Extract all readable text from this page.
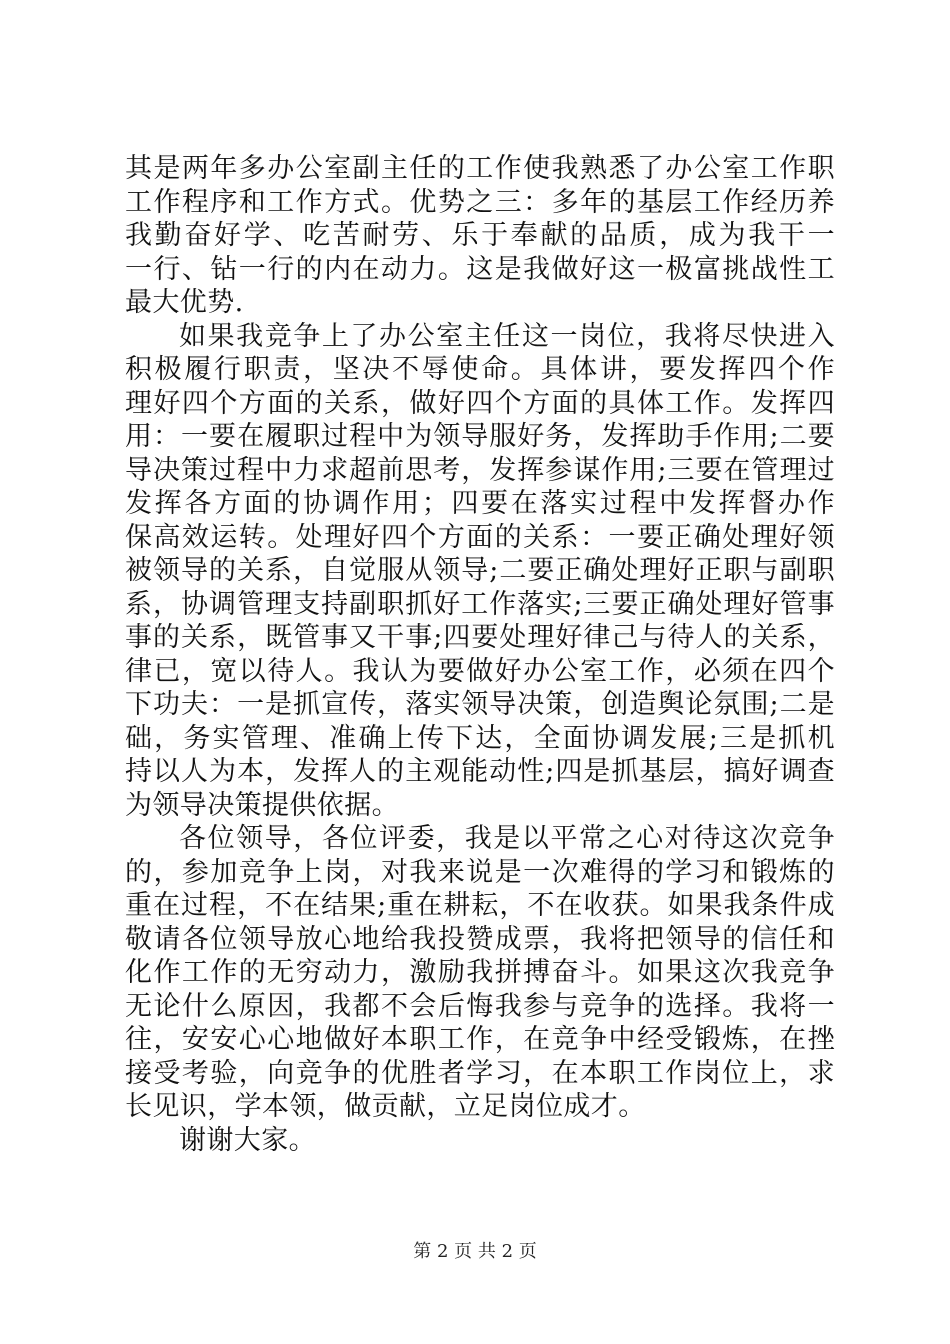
其是两年多办公室副主任的工作使我熟悉了办公室工作职
工作程序和工作方式。优势之三：多年的基层工作经历养
我勤奋好学、吃苦耐劳、乐于奉献的品质，成为我干一
一行、钻一行的内在动力。这是我做好这一极富挑战性工
最大优势.
如果我竞争上了办公室主任这一岗位，我将尽快进入
积极履行职责，坚决不辱使命。具体讲，要发挥四个作
理好四个方面的关系，做好四个方面的具体工作。发挥四
用：一要在履职过程中为领导服好务，发挥助手作用;二要
导决策过程中力求超前思考，发挥参谋作用;三要在管理过
发挥各方面的协调作用；四要在落实过程中发挥督办作
保高效运转。处理好四个方面的关系：一要正确处理好领
被领导的关系，自觉服从领导;二要正确处理好正职与副职
系，协调管理支持副职抓好工作落实;三要正确处理好管事
事的关系，既管事又干事;四要处理好律己与待人的关系，
律已，宽以待人。我认为要做好办公室工作，必须在四个
下功夫：一是抓宣传，落实领导决策，创造舆论氛围;二是
础，务实管理、准确上传下达，全面协调发展;三是抓机
持以人为本，发挥人的主观能动性;四是抓基层，搞好调查
为领导决策提供依据。
各位领导，各位评委，我是以平常之心对待这次竞争
的，参加竞争上岗，对我来说是一次难得的学习和锻炼的
重在过程，不在结果;重在耕耘，不在收获。如果我条件成
敬请各位领导放心地给我投赞成票，我将把领导的信任和
化作工作的无穷动力，激励我拼搏奋斗。如果这次我竞争
无论什么原因，我都不会后悔我参与竞争的选择。我将一
往，安安心心地做好本职工作，在竞争中经受锻炼，在挫
接受考验，向竞争的优胜者学习，在本职工作岗位上，求
长见识，学本领，做贡献，立足岗位成才。
谢谢大家。
第 2 页 共 2 页
